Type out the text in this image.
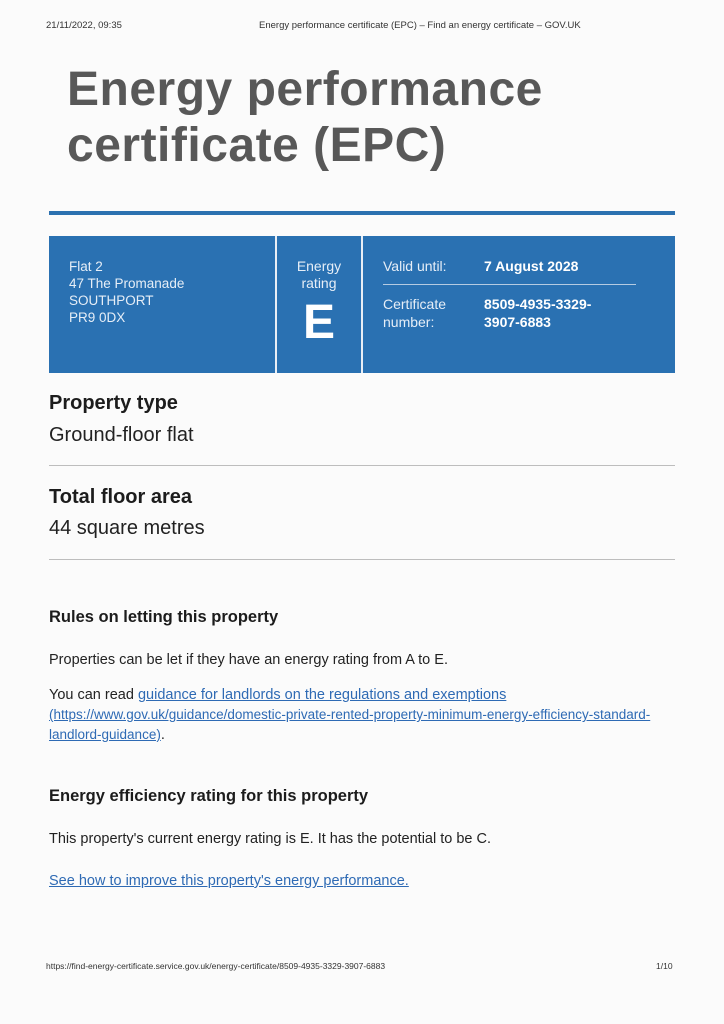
21/11/2022, 09:35	Energy performance certificate (EPC) – Find an energy certificate – GOV.UK
Energy performance certificate (EPC)
Flat 2
47 The Promanade
SOUTHPORT
PR9 0DX
Energy rating
E
Valid until:	7 August 2028
Certificate number:
8509-4935-3329-3907-6883
Property type
Ground-floor flat
Total floor area
44 square metres
Rules on letting this property
Properties can be let if they have an energy rating from A to E.
You can read guidance for landlords on the regulations and exemptions
(https://www.gov.uk/guidance/domestic-private-rented-property-minimum-energy-efficiency-standard-landlord-guidance).
Energy efficiency rating for this property
This property's current energy rating is E. It has the potential to be C.
See how to improve this property's energy performance.
https://find-energy-certificate.service.gov.uk/energy-certificate/8509-4935-3329-3907-6883	1/10
